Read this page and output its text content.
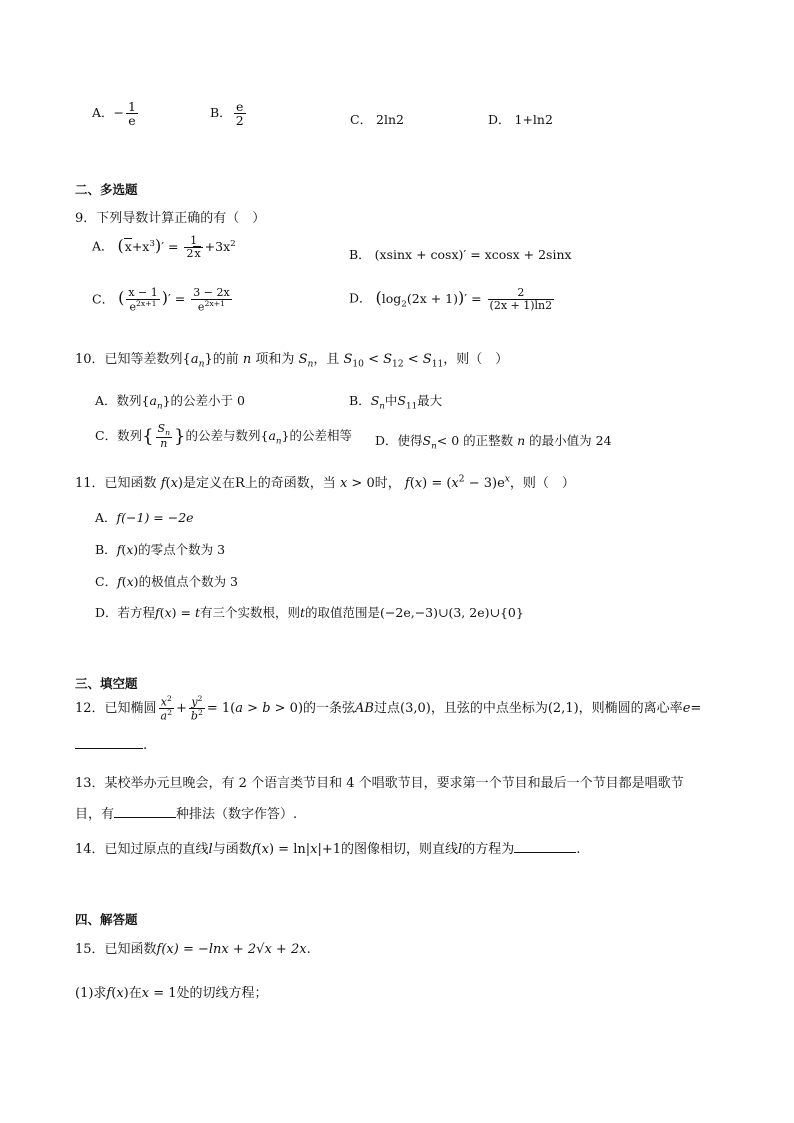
A．− $\frac{1}{e}$	B． $\frac{e}{2}$	C． 2ln2	D． 1+ln2
二、多选题
9．下列导数计算正确的有（　）
A． $(x+x^3)' = \frac{1}{2x} +3x^2$
B． (xsinx + cosx)′ = xcosx + 2sinx
C． ( $\frac{x - 1}{e^{2x+1}}$ )′ = $\frac{3 - 2x}{e^{2x+1}}$	D． $(\log_2(2x + 1))' = \frac{2}{(2x + 1)\ln 2}$
10．已知等差数列$\{a_n\}$的前 n 项和为 $S_n$，且 $S_{10} < S_{12} < S_{11}$，则（　）
A．数列$\{a_n\}$的公差小于 0	B．$S_n$中$S_{11}$最大
C．数列{ $\frac{S_n}{n}$ }的公差与数列$\{a_n\}$的公差相等 D．使得$S_n< 0$ 的正整数 n 的最小值为 24
11．已知函数 f(x)是定义在R上的奇函数，当 x > 0时， $f(x) = (x^2 - 3)e^x$，则（　）
A．f(−1) = −2e
B．f(x)的零点个数为 3
C．f(x)的极值点个数为 3
D．若方程f(x) = t有三个实数根，则t的取值范围是(−2e,−3)∪(3, 2e)∪{0}
三、填空题
12．已知椭圆 $\frac{x^2}{a^2} + \frac{y^2}{b^2} = 1(a > b > 0)$的一条弦AB过点(3,0)，且弦的中点坐标为(2,1)，则椭圆的离心率e=
.
13．某校举办元旦晚会，有 2 个语言类节目和 4 个唱歌节目，要求第一个节目和最后一个节目都是唱歌节
目，有	种排法（数字作答）.
14．已知过原点的直线l与函数f(x) = ln|x|+1的图像相切，则直线l的方程为	.
四、解答题
15．已知函数f(x) = −lnx + 2√x + 2x.
(1)求f(x)在x = 1处的切线方程；
